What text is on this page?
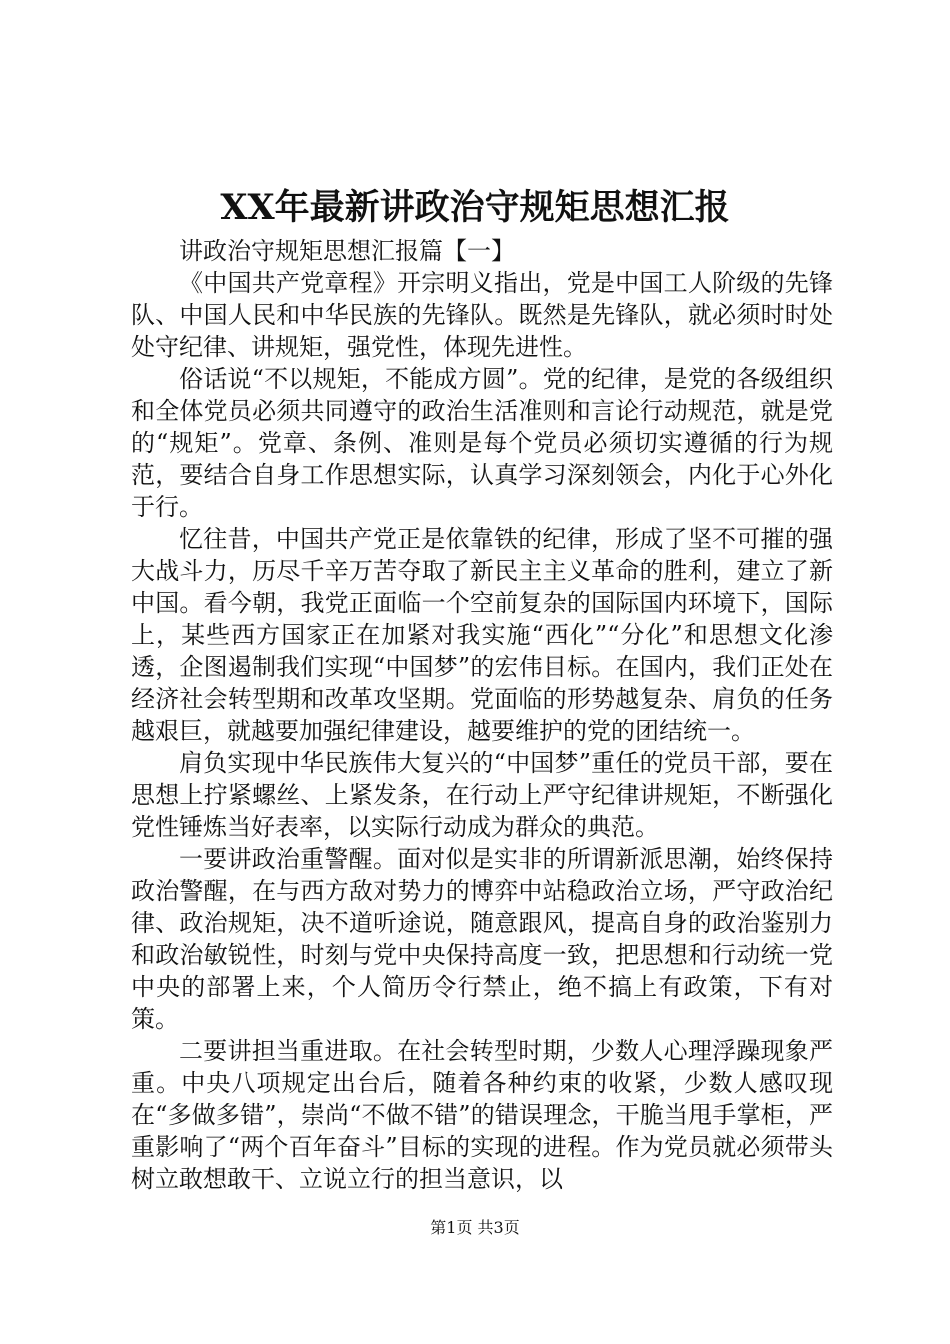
XX年最新讲政治守规矩思想汇报

讲政治守规矩思想汇报篇【一】

《中国共产党章程》开宗明义指出，党是中国工人阶级的先锋队、中国人民和中华民族的先锋队。既然是先锋队，就必须时时处处守纪律、讲规矩，强党性，体现先进性。

俗话说“不以规矩，不能成方圆”。党的纪律，是党的各级组织和全体党员必须共同遵守的政治生活准则和言论行动规范，就是党的“规矩”。党章、条例、准则是每个党员必须切实遵循的行为规范，要结合自身工作思想实际，认真学习深刻领会，内化于心外化于行。

忆往昔，中国共产党正是依靠铁的纪律，形成了坚不可摧的强大战斗力，历尽千辛万苦夺取了新民主主义革命的胜利，建立了新中国。看今朝，我党正面临一个空前复杂的国际国内环境下，国际上，某些西方国家正在加紧对我实施“西化”“分化”和思想文化渗透，企图遏制我们实现“中国梦”的宏伟目标。在国内，我们正处在经济社会转型期和改革攻坚期。党面临的形势越复杂、肩负的任务越艰巨，就越要加强纪律建设，越要维护的党的团结统一。

肩负实现中华民族伟大复兴的“中国梦”重任的党员干部，要在思想上拧紧螺丝、上紧发条，在行动上严守纪律讲规矩，不断强化党性锤炼当好表率，以实际行动成为群众的典范。

一要讲政治重警醒。面对似是实非的所谓新派思潮，始终保持政治警醒，在与西方敌对势力的博弈中站稳政治立场，严守政治纪律、政治规矩，决不道听途说，随意跟风，提高自身的政治鉴别力和政治敏锐性，时刻与党中央保持高度一致，把思想和行动统一党中央的部署上来，个人简历令行禁止，绝不搞上有政策，下有对策。

二要讲担当重进取。在社会转型时期，少数人心理浮躁现象严重。中央八项规定出台后，随着各种约束的收紧，少数人感叹现在“多做多错”，崇尚“不做不错”的错误理念，干脆当甩手掌柜，严重影响了“两个百年奋斗”目标的实现的进程。作为党员就必须带头树立敢想敢干、立说立行的担当意识，以

第1页 共3页
